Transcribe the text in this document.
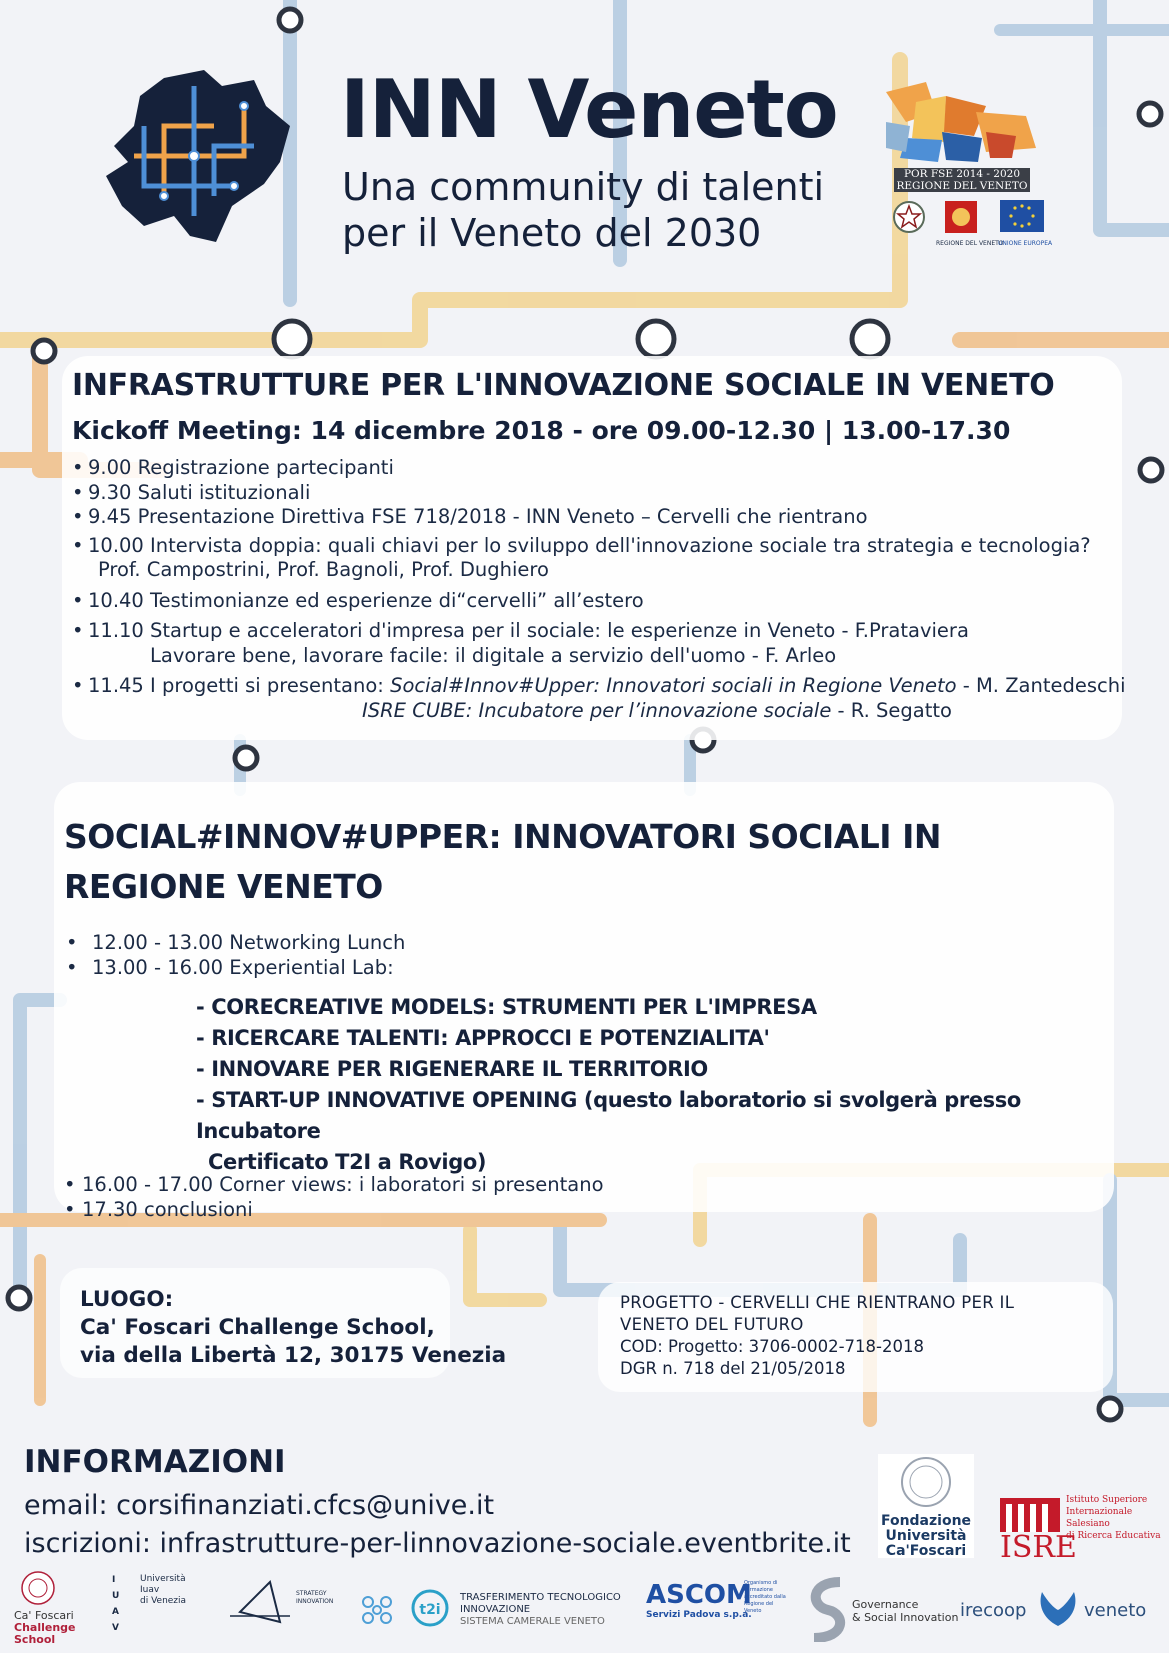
INN Veneto
Una community di talenti
per il Veneto del 2030
POR FSE 2014 - 2020
REGIONE DEL VENETO
REGIONE DEL VENETO
UNIONE EUROPEA
INFRASTRUTTURE PER L'INNOVAZIONE SOCIALE IN VENETO
Kickoff Meeting: 14 dicembre 2018 - ore 09.00-12.30 | 13.00-17.30
• 9.00 Registrazione partecipanti
• 9.30 Saluti istituzionali
• 9.45 Presentazione Direttiva FSE 718/2018 - INN Veneto – Cervelli che rientrano
• 10.00 Intervista doppia: quali chiavi per lo sviluppo dell'innovazione sociale tra strategia e tecnologia?
Prof. Campostrini, Prof. Bagnoli, Prof. Dughiero
• 10.40 Testimonianze ed esperienze di“cervelli” all’estero
• 11.10 Startup e acceleratori d'impresa per il sociale: le esperienze in Veneto - F.Prataviera
Lavorare bene, lavorare facile: il digitale a servizio dell'uomo - F. Arleo
• 11.45 I progetti si presentano: Social#Innov#Upper: Innovatori sociali in Regione Veneto - M. Zantedeschi
ISRE CUBE: Incubatore per l’innovazione sociale - R. Segatto
SOCIAL#INNOV#UPPER: INNOVATORI SOCIALI IN REGIONE VENETO
• 12.00 - 13.00 Networking Lunch
• 13.00 - 16.00 Experiential Lab:
- CORECREATIVE MODELS: STRUMENTI PER L'IMPRESA
- RICERCARE TALENTI: APPROCCI E POTENZIALITA'
- INNOVARE PER RIGENERARE IL TERRITORIO
- START-UP INNOVATIVE OPENING (questo laboratorio si svolgerà presso Incubatore
Certificato T2I a Rovigo)
• 16.00 - 17.00 Corner views: i laboratori si presentano
• 17.30 conclusioni
LUOGO:
Ca' Foscari Challenge School,
via della Libertà 12, 30175 Venezia
PROGETTO - CERVELLI CHE RIENTRANO PER IL
VENETO DEL FUTURO
COD: Progetto: 3706-0002-718-2018
DGR n. 718 del 21/05/2018
INFORMAZIONI
email: corsifinanziati.cfcs@unive.it
iscrizioni: infrastrutture-per-linnovazione-sociale.eventbrite.it
Fondazione
Università
Ca'Foscari ISRE
Istituto Superiore
Internazionale Salesiano
di Ricerca Educativa
Ca' Foscari
Challenge
School
I
U
A
V
Università Iuav
di Venezia
STRATEGY
INNOVATION
t2i
TRASFERIMENTO TECNOLOGICO
INNOVAZIONE
SISTEMA CAMERALE VENETO
ASCOM
Servizi Padova s.p.a.
Organismo di Formazione accreditato dalla Regione del Veneto	Governance
& Social Innovation irecoop	veneto
